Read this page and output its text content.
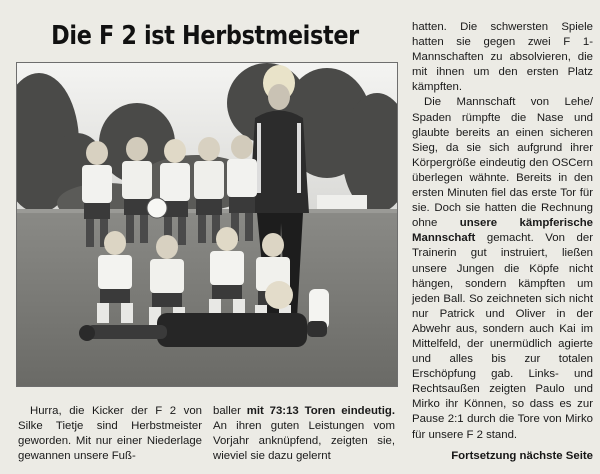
Die F 2 ist Herbstmeister	hatten. Die schwersten Spiele hatten sie gegen zwei F 1-Mannschaften zu absolvieren, die mit ihnen um den ersten Platz kämpften.

Die Mannschaft von Lehe/ Spaden rümpfte die Nase und glaubte bereits an einen sicheren Sieg, da sie sich aufgrund ihrer Körpergröße eindeutig den OSCern überlegen wähnte. Bereits in den ersten Minuten fiel das erste Tor für sie. Doch sie hatten die Rechnung ohne unsere kämpferische Mannschaft gemacht. Von der Trainerin gut instruiert, ließen unsere Jungen die Köpfe nicht hängen, sondern kämpften um jeden Ball. So zeichneten sich nicht nur Patrick und Oliver in der Abwehr aus, sondern auch Kai im Mittelfeld, der unermüdlich agierte und alles bis zur totalen Erschöpfung gab. Links- und Rechtsaußen zeigten Paulo und Mirko ihr Können, so dass es zur Pause 2:1 durch die Tore von Mirko für unsere F 2 stand.

Fortsetzung nächste Seite

Hurra, die Kicker der F 2 von Silke Tietje sind Herbstmeister geworden. Mit nur einer Niederlage gewannen unsere Fuß-

baller mit 73:13 Toren eindeutig. An ihren guten Leistungen vom Vorjahr anknüpfend, zeigten sie, wieviel sie dazu gelernt
